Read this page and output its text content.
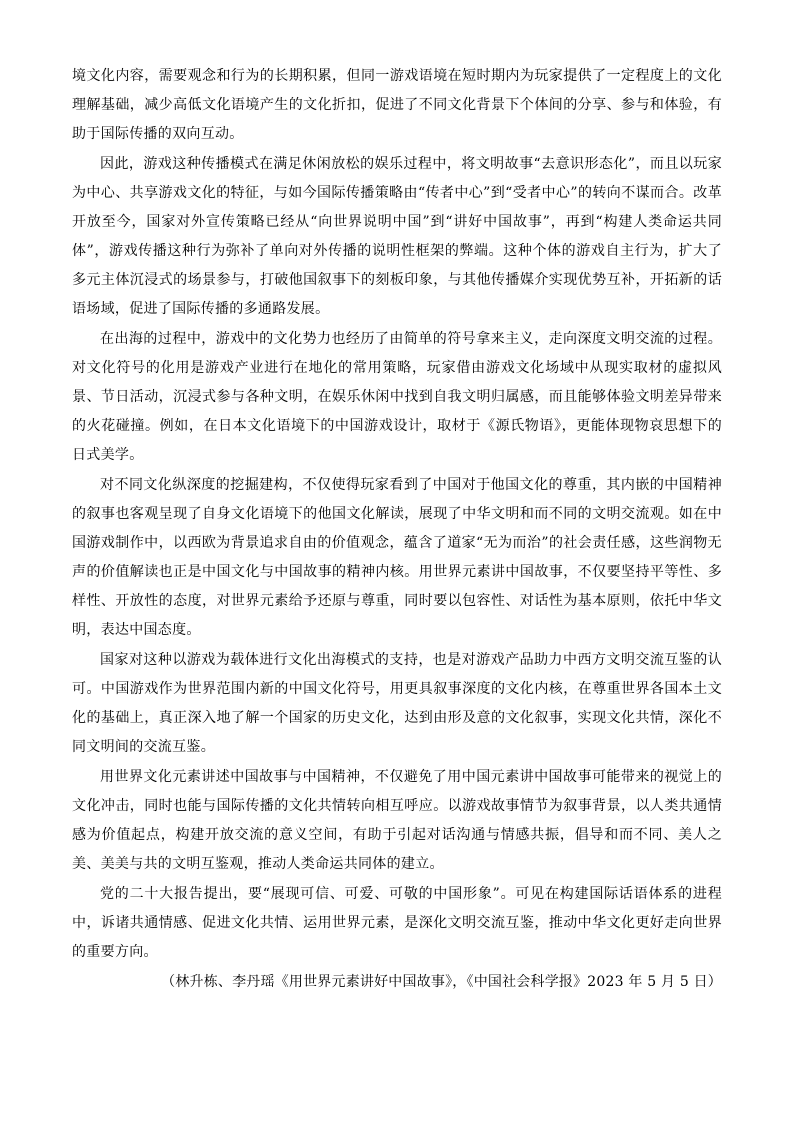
境文化内容，需要观念和行为的长期积累，但同一游戏语境在短时期内为玩家提供了一定程度上的文化理解基础，减少高低文化语境产生的文化折扣，促进了不同文化背景下个体间的分享、参与和体验，有助于国际传播的双向互动。

因此，游戏这种传播模式在满足休闲放松的娱乐过程中，将文明故事“去意识形态化”，而且以玩家为中心、共享游戏文化的特征，与如今国际传播策略由“传者中心”到“受者中心”的转向不谋而合。改革开放至今，国家对外宣传策略已经从“向世界说明中国”到“讲好中国故事”，再到“构建人类命运共同体”，游戏传播这种行为弥补了单向对外传播的说明性框架的弊端。这种个体的游戏自主行为，扩大了多元主体沉浸式的场景参与，打破他国叙事下的刻板印象，与其他传播媒介实现优势互补，开拓新的话语场域，促进了国际传播的多通路发展。

在出海的过程中，游戏中的文化势力也经历了由简单的符号拿来主义，走向深度文明交流的过程。对文化符号的化用是游戏产业进行在地化的常用策略，玩家借由游戏文化场域中从现实取材的虚拟风景、节日活动，沉浸式参与各种文明，在娱乐休闲中找到自我文明归属感，而且能够体验文明差异带来的火花碰撞。例如，在日本文化语境下的中国游戏设计，取材于《源氏物语》，更能体现物哀思想下的日式美学。

对不同文化纵深度的挖掘建构，不仅使得玩家看到了中国对于他国文化的尊重，其内嵌的中国精神的叙事也客观呈现了自身文化语境下的他国文化解读，展现了中华文明和而不同的文明交流观。如在中国游戏制作中，以西欧为背景追求自由的价值观念，蕴含了道家“无为而治”的社会责任感，这些润物无声的价值解读也正是中国文化与中国故事的精神内核。用世界元素讲中国故事，不仅要坚持平等性、多样性、开放性的态度，对世界元素给予还原与尊重，同时要以包容性、对话性为基本原则，依托中华文明，表达中国态度。

国家对这种以游戏为载体进行文化出海模式的支持，也是对游戏产品助力中西方文明交流互鉴的认可。中国游戏作为世界范围内新的中国文化符号，用更具叙事深度的文化内核，在尊重世界各国本土文化的基础上，真正深入地了解一个国家的历史文化，达到由形及意的文化叙事，实现文化共情，深化不同文明间的交流互鉴。

用世界文化元素讲述中国故事与中国精神，不仅避免了用中国元素讲中国故事可能带来的视觉上的文化冲击，同时也能与国际传播的文化共情转向相互呼应。以游戏故事情节为叙事背景，以人类共通情感为价值起点，构建开放交流的意义空间，有助于引起对话沟通与情感共振，倡导和而不同、美人之美、美美与共的文明互鉴观，推动人类命运共同体的建立。

党的二十大报告提出，要“展现可信、可爱、可敬的中国形象”。可见在构建国际话语体系的进程中，诉诸共通情感、促进文化共情、运用世界元素，是深化文明交流互鉴，推动中华文化更好走向世界的重要方向。

（林升栋、李丹瑶《用世界元素讲好中国故事》，《中国社会科学报》2023 年 5 月 5 日）
